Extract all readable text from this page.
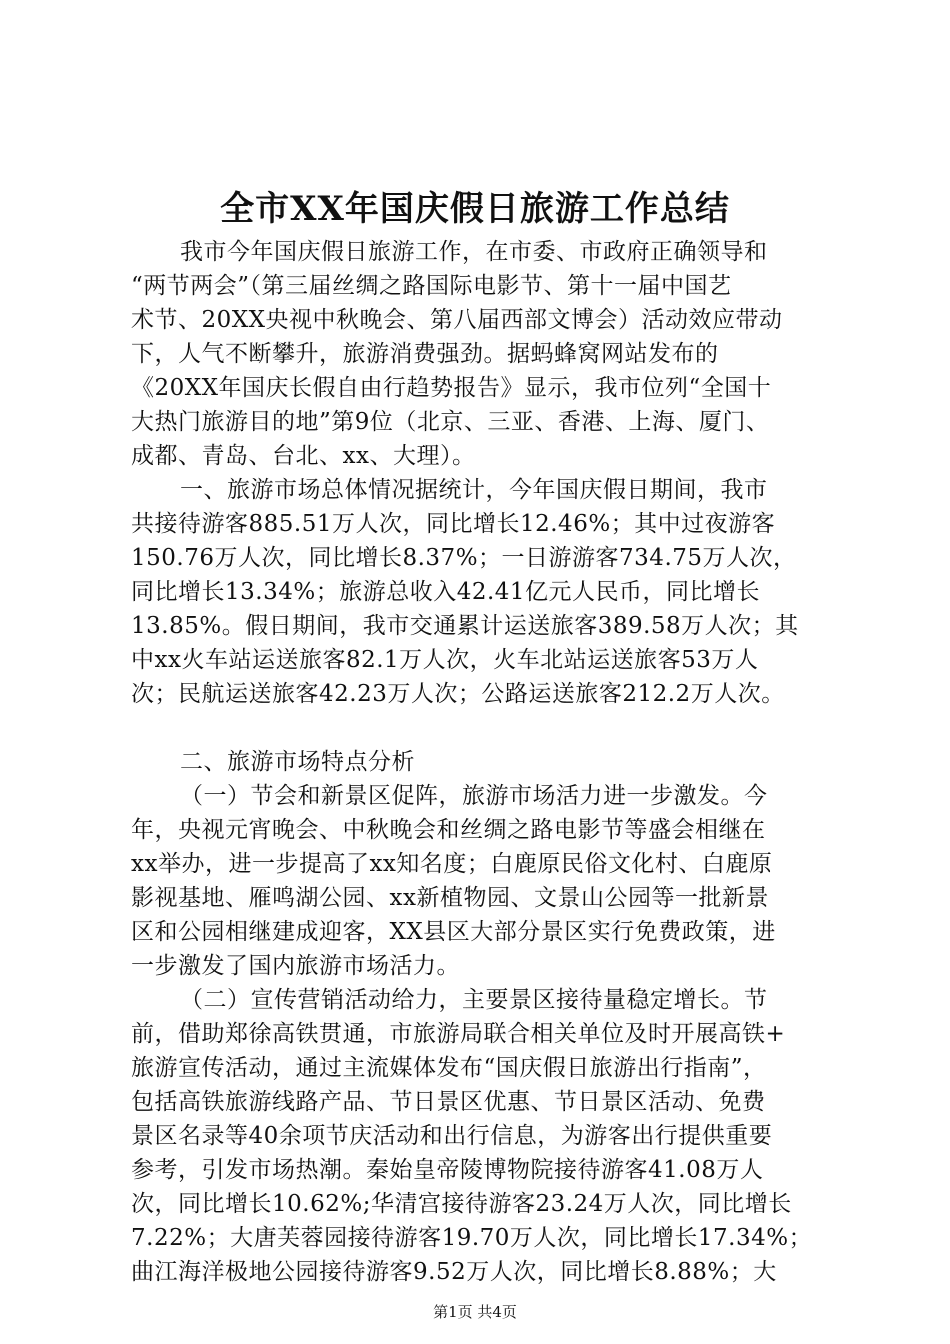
全市XX年国庆假日旅游工作总结
我市今年国庆假日旅游工作，在市委、市政府正确领导和
“两节两会”（第三届丝绸之路国际电影节、第十一届中国艺
术节、20XX央视中秋晚会、第八届西部文博会）活动效应带动
下，人气不断攀升，旅游消费强劲。据蚂蜂窝网站发布的
《20XX年国庆长假自由行趋势报告》显示，我市位列“全国十
大热门旅游目的地”第9位（北京、三亚、香港、上海、厦门、
成都、青岛、台北、xx、大理）。
一、旅游市场总体情况据统计，今年国庆假日期间，我市
共接待游客885.51万人次，同比增长12.46%；其中过夜游客
150.76万人次，同比增长8.37%；一日游游客734.75万人次，
同比增长13.34%；旅游总收入42.41亿元人民币，同比增长
13.85%。假日期间，我市交通累计运送旅客389.58万人次；其
中xx火车站运送旅客82.1万人次，火车北站运送旅客53万人
次；民航运送旅客42.23万人次；公路运送旅客212.2万人次。
二、旅游市场特点分析
（一）节会和新景区促阵，旅游市场活力进一步激发。今
年，央视元宵晚会、中秋晚会和丝绸之路电影节等盛会相继在
xx举办，进一步提高了xx知名度；白鹿原民俗文化村、白鹿原
影视基地、雁鸣湖公园、xx新植物园、文景山公园等一批新景
区和公园相继建成迎客，XX县区大部分景区实行免费政策，进
一步激发了国内旅游市场活力。
（二）宣传营销活动给力，主要景区接待量稳定增长。节
前，借助郑徐高铁贯通，市旅游局联合相关单位及时开展高铁+
旅游宣传活动，通过主流媒体发布“国庆假日旅游出行指南”，
包括高铁旅游线路产品、节日景区优惠、节日景区活动、免费
景区名录等40余项节庆活动和出行信息，为游客出行提供重要
参考，引发市场热潮。秦始皇帝陵博物院接待游客41.08万人
次，同比增长10.62%;华清宫接待游客23.24万人次，同比增长
7.22%；大唐芙蓉园接待游客19.70万人次，同比增长17.34%；
曲江海洋极地公园接待游客9.52万人次，同比增长8.88%；大
第1页 共4页
